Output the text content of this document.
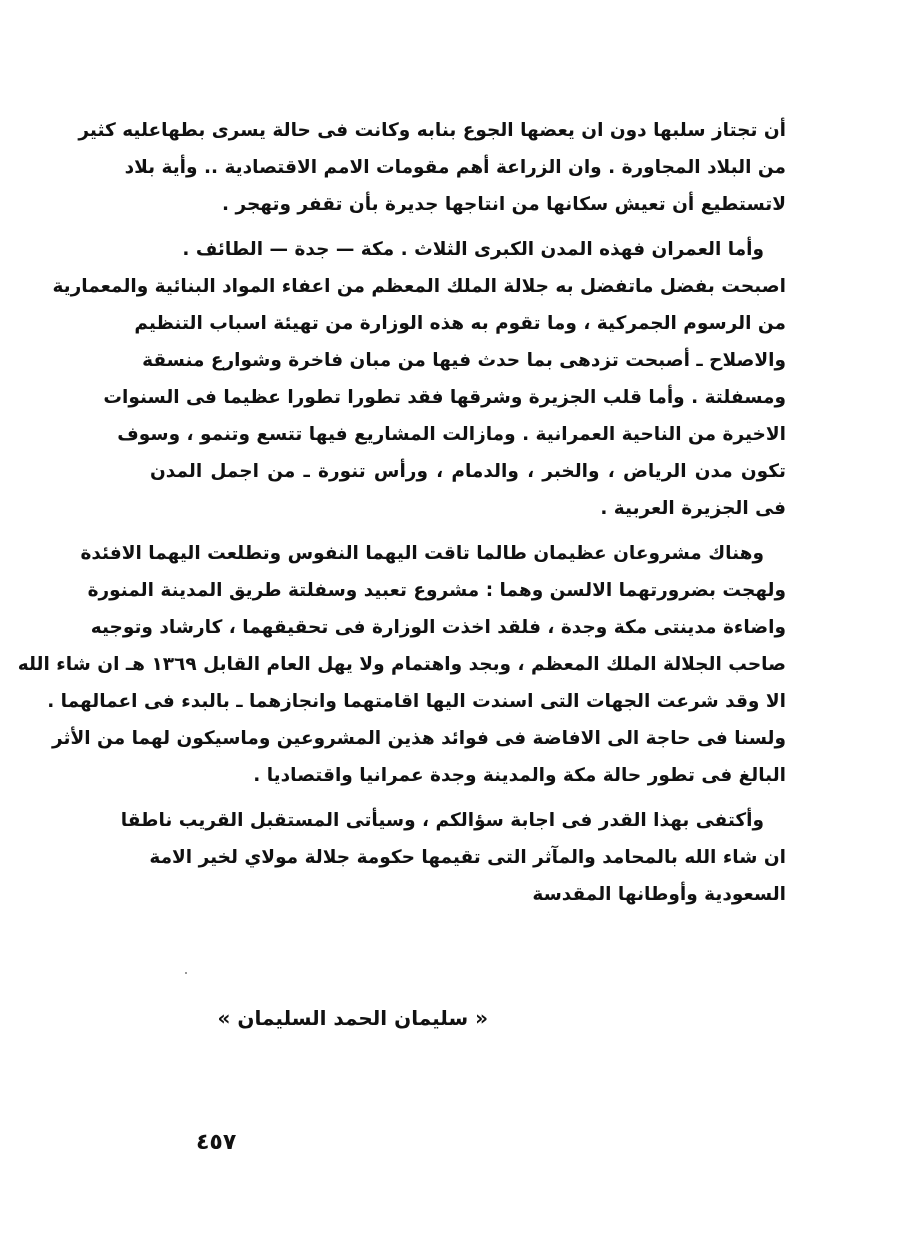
أن تجتاز سلبها دون ان يعضها الجوع بنابه وكانت فى حالة يسرى بطهاعليه كثير
من البلاد المجاورة . وان الزراعة أهم مقومات الامم الاقتصادية .. وأية بلاد
لاتستطيع أن تعيش سكانها من انتاجها جديرة بأن تقفر وتهجر .
وأما العمران فهذه المدن الكبرى الثلاث . مكة — جدة — الطائف .
اصبحت بفضل ماتفضل به جلالة الملك المعظم من اعفاء المواد البنائية والمعمارية
من الرسوم الجمركية ، وما تقوم به هذه الوزارة من تهيئة اسباب التنظيم
والاصلاح ـ أصبحت تزدهى بما حدث فيها من مبان فاخرة وشوارع منسقة
ومسفلتة . وأما قلب الجزيرة وشرقها فقد تطورا تطورا عظيما فى السنوات
الاخيرة من الناحية العمرانية . ومازالت المشاريع فيها تتسع وتنمو ، وسوف
تكون مدن الرياض ، والخبر ، والدمام ، ورأس تنورة ـ من اجمل المدن
فى الجزيرة العربية .
وهناك مشروعان عظيمان طالما تاقت اليهما النفوس وتطلعت اليهما الافئدة
ولهجت بضرورتهما الالسن وهما : مشروع تعبيد وسفلتة طريق المدينة المنورة
واضاءة مدينتى مكة وجدة ، فلقد اخذت الوزارة فى تحقيقهما ، كارشاد وتوجيه
صاحب الجلالة الملك المعظم ، وبجد واهتمام ولا يهل العام القابل ١٣٦٩ هـ ان شاء الله
الا وقد شرعت الجهات التى اسندت اليها اقامتهما وانجازهما ـ بالبدء فى اعمالهما .
ولسنا فى حاجة الى الافاضة فى فوائد هذين المشروعين وماسيكون لهما من الأثر
البالغ فى تطور حالة مكة والمدينة وجدة عمرانيا واقتصاديا .
وأكتفى بهذا القدر فى اجابة سؤالكم ، وسيأتى المستقبل القريب ناطقا
ان شاء الله بالمحامد والمآثر التى تقيمها حكومة جلالة مولاي لخير الامة
السعودية وأوطانها المقدسة
« سليمان الحمد السليمان »
٤٥٧
